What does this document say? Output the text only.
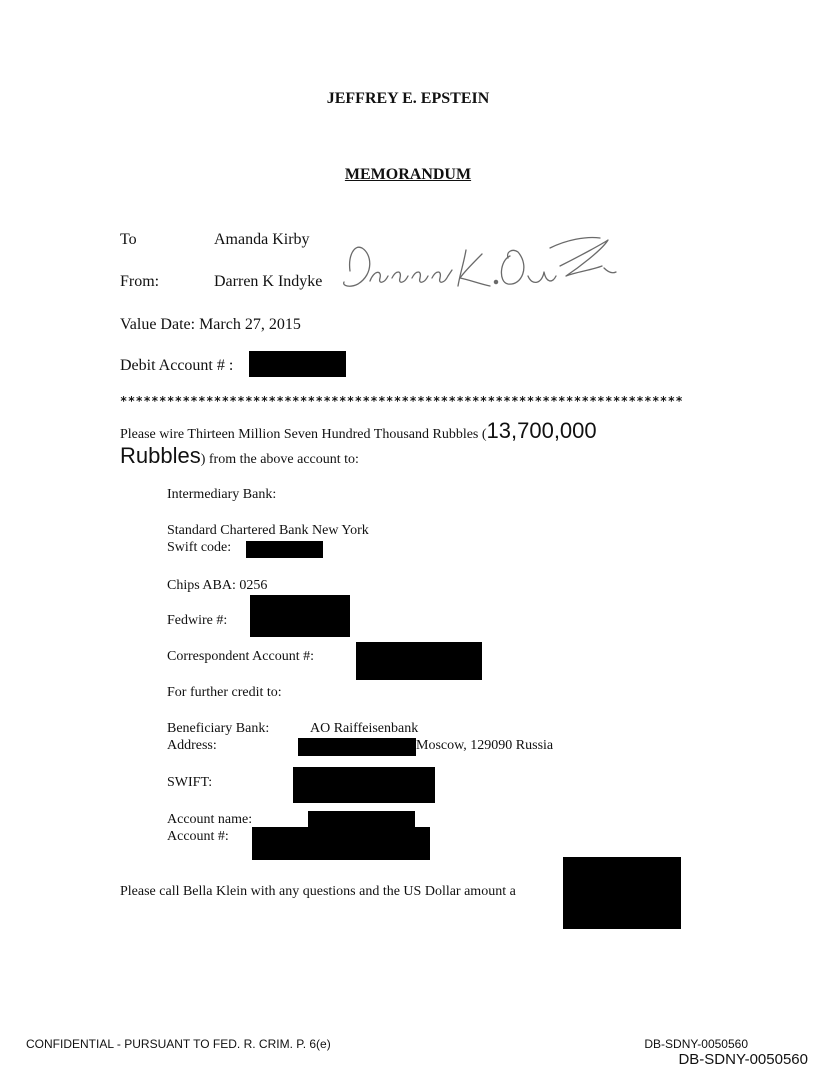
JEFFREY E. EPSTEIN
MEMORANDUM
To	Amanda Kirby
From:	Darren K Indyke
Value Date: March 27, 2015
Debit Account # :
************************************************************************
Please wire Thirteen Million Seven Hundred Thousand Rubbles (13,700,000
Rubbles) from the above account to:
Intermediary Bank:
Standard Chartered Bank New York
Swift code:
Chips ABA: 0256
Fedwire #:
Correspondent Account #:
For further credit to:
Beneficiary Bank:	AO Raiffeisenbank
Address:	Moscow, 129090 Russia
SWIFT:
Account name:
Account #:
Please call Bella Klein with any questions and the US Dollar amount a
CONFIDENTIAL - PURSUANT TO FED. R. CRIM. P. 6(e)	DB-SDNY-0050560
DB-SDNY-0050560
